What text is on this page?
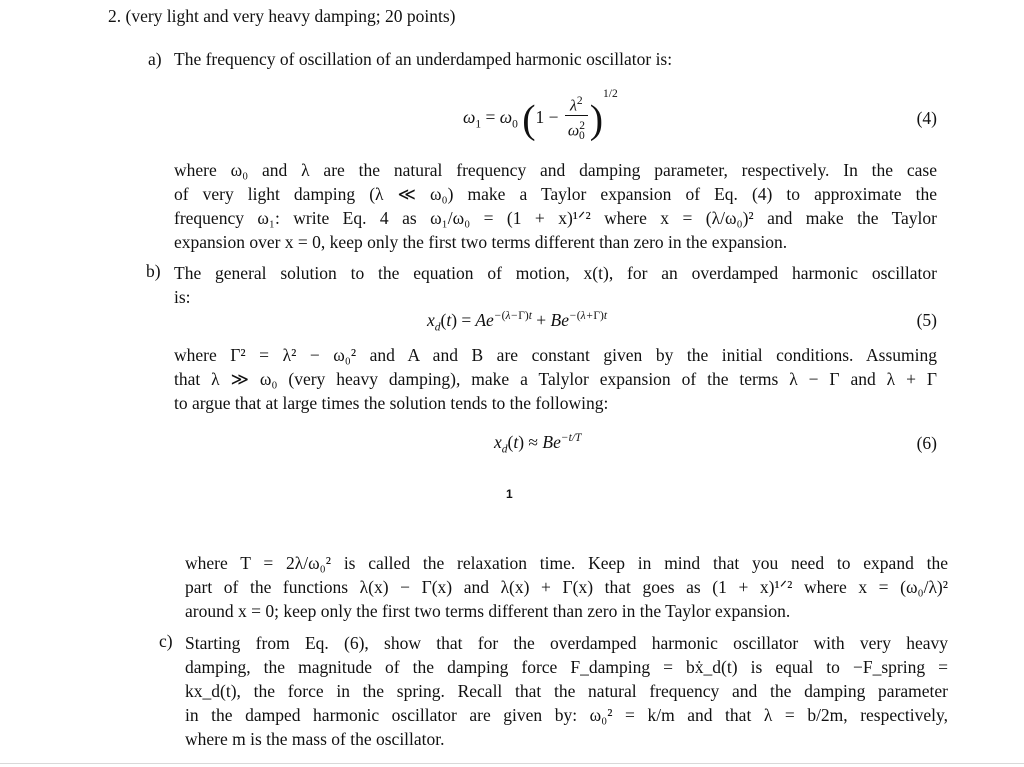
2. (very light and very heavy damping; 20 points)
a) The frequency of oscillation of an underdamped harmonic oscillator is:
$\omega_1 = \omega_0$ $(1 - \frac{\lambda^2}{\omega^2_0} )^{1/2}$
(4)
where ω₀ and λ are the natural frequency and damping parameter, respectively. In the case
of very light damping (λ ≪ ω₀) make a Taylor expansion of Eq. (4) to approximate the
frequency ω₁: write Eq. 4 as ω₁/ω₀ = (1 + x)¹ᐟ² where x = (λ/ω₀)² and make the Taylor
expansion over x = 0, keep only the first two terms different than zero in the expansion.
b) The general solution to the equation of motion, x(t), for an overdamped harmonic oscillator
is:
$x_d(t) = Ae^{-(\lambda-\Gamma)t} + Be^{-(\lambda+\Gamma)t}$	(5)
where Γ² = λ² − ω₀² and A and B are constant given by the initial conditions. Assuming
that λ ≫ ω₀ (very heavy damping), make a Talylor expansion of the terms λ − Γ and λ + Γ
to argue that at large times the solution tends to the following:
$x_d(t) \approx Be^{-t/T}$	(6)
1
where T = 2λ/ω₀² is called the relaxation time. Keep in mind that you need to expand the
part of the functions λ(x) − Γ(x) and λ(x) + Γ(x) that goes as (1 + x)¹ᐟ² where x = (ω₀/λ)²
around x = 0; keep only the first two terms different than zero in the Taylor expansion.
c) Starting from Eq. (6), show that for the overdamped harmonic oscillator with very heavy
damping, the magnitude of the damping force F_damping = bẋ_d(t) is equal to −F_spring =
kx_d(t), the force in the spring. Recall that the natural frequency and the damping parameter
in the damped harmonic oscillator are given by: ω₀² = k/m and that λ = b/2m, respectively,
where m is the mass of the oscillator.
